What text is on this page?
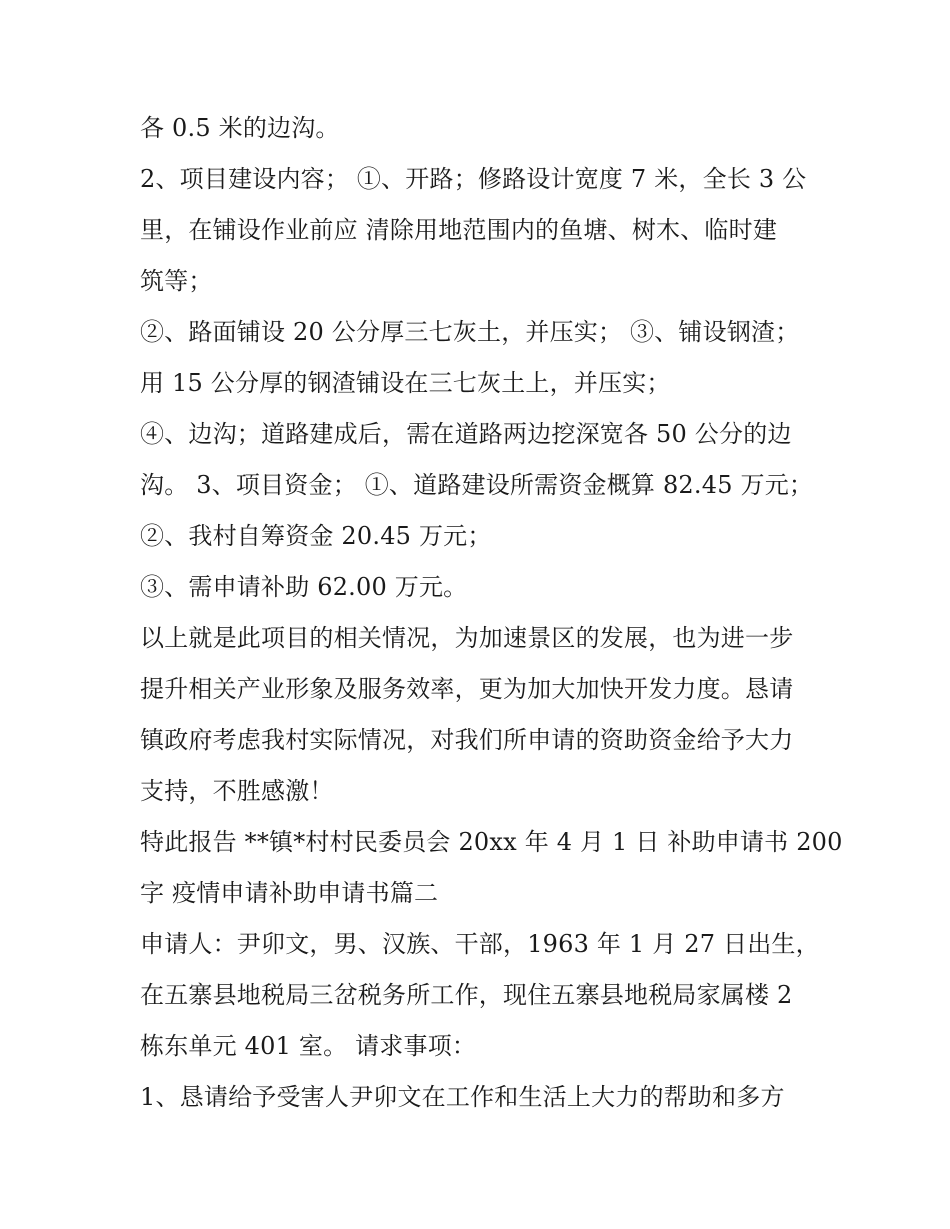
各 0.5 米的边沟。
2、项目建设内容； ①、开路；修路设计宽度 7 米，全长 3 公
里，在铺设作业前应 清除用地范围内的鱼塘、树木、临时建
筑等；
②、路面铺设 20 公分厚三七灰土，并压实； ③、铺设钢渣；
用 15 公分厚的钢渣铺设在三七灰土上，并压实；
④、边沟；道路建成后，需在道路两边挖深宽各 50 公分的边
沟。 3、项目资金； ①、道路建设所需资金概算 82.45 万元；
②、我村自筹资金 20.45 万元；
③、需申请补助 62.00 万元。
以上就是此项目的相关情况，为加速景区的发展，也为进一步
提升相关产业形象及服务效率，更为加大加快开发力度。恳请
镇政府考虑我村实际情况，对我们所申请的资助资金给予大力
支持，不胜感激！
特此报告 **镇*村村民委员会 20xx 年 4 月 1 日 补助申请书 200
字 疫情申请补助申请书篇二
申请人：尹卯文，男、汉族、干部，1963 年 1 月 27 日出生，
在五寨县地税局三岔税务所工作，现住五寨县地税局家属楼 2
栋东单元 401 室。 请求事项：
1、恳请给予受害人尹卯文在工作和生活上大力的帮助和多方
